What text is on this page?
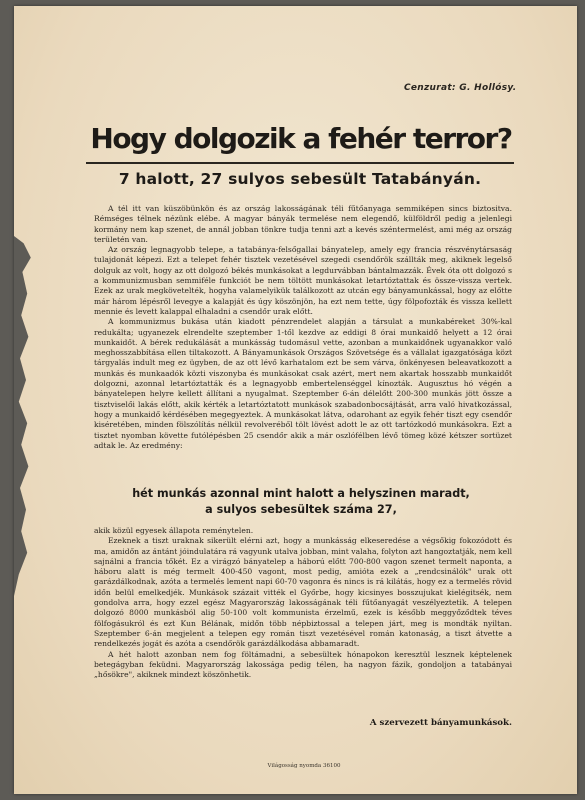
Cenzurat: G. Hollósy.
Hogy dolgozik a fehér terror?
7 halott, 27 sulyos sebesült Tatabányán.

A tél itt van küszöbünkön és az ország lakosságának téli fűtőanyaga semmiképen sincs biztositva. Rémséges télnek nézünk elébe. A magyar bányák termelése nem elegendő, külföldről pedig a jelenlegi kormány nem kap szenet, de annál jobban tönkre tudja tenni azt a kevés széntermelést, ami még az ország területén van.

Az ország legnagyobb telepe, a tatabánya-felsőgallai bányatelep, amely egy francia részvénytársaság tulajdonát képezi. Ezt a telepet fehér tisztek vezetésével szegedi csendőrök szállták meg, akiknek legelső dolguk az volt, hogy az ott dolgozó békés munkásokat a legdurvábban bántalmazzák. Évek óta ott dolgozó s a kommunizmusban semmiféle funkciót be nem töltött munkásokat letartóztattak és össze-vissza vertek. Ezek az urak megkövetelték, hogyha valamelyikük találkozott az utcán egy bányamunkással, hogy az előtte már három lépésről levegye a kalapját és úgy köszönjön, ha ezt nem tette, úgy fölpofozták és vissza kellett mennie és levett kalappal elhaladni a csendőr urak előtt.

A kommunizmus bukása után kiadott pénzrendelet alapján a társulat a munkabéreket 30%-kal redukálta; ugyanezek elrendelte szeptember 1-től kezdve az eddigi 8 órai munkaidő helyett a 12 órai munkaidőt. A bérek redukálását a munkásság tudomásul vette, azonban a munkaidőnek ugyanakkor való meghosszabbítása ellen tiltakozott. A Bányamunkások Országos Szövetsége és a vállalat igazgatósága közt tárgyalás indult meg ez ügyben, de az ott lévő karhatalom ezt be sem várva, önkényesen beleavatkozott a munkás és munkaadók közti viszonyba és munkásokat csak azért, mert nem akartak hosszabb munkaidőt dolgozni, azonnal letartóztatták és a legnagyobb embertelenséggel kínozták. Augusztus hó végén a bányatelepen helyre kellett állítani a nyugalmat. Szeptember 6-án délelőtt 200-300 munkás jött össze a tisztviselői lakás előtt, akik kérték a letartóztatott munkások szabadonbocsájtását, arra való hivatkozással, hogy a munkaidő kérdésében megegyeztek. A munkásokat látva, odarohant az egyik fehér tiszt egy csendőr kiséretében, minden fölszólítás nélkül revolveréből tölt lövést adott le az ott tartózkodó munkásokra. Ezt a tisztet nyomban követte futólépésben 25 csendőr akik a már oszlófélben lévő tömeg közé kétszer sortüzet adtak le. Az eredmény:

hét munkás azonnal mint halott a helyszinen maradt,
a sulyos sebesültek száma 27,

akik közül egyesek állapota reménytelen.

Ezeknek a tiszt uraknak sikerült elérni azt, hogy a munkásság elkeseredése a végsőkig fokozódott és ma, amidőn az ántánt jóindulatára rá vagyunk utalva jobban, mint valaha, folyton azt hangoztatják, nem kell sajnálni a francia tőkét. Ez a virágzó bányatelep a háború előtt 700-800 vagon szenet termelt naponta, a háboru alatt is még termelt 400-450 vagont, most pedig, amióta ezek a „rendcsinálók" urak ott garázdálkodnak, azóta a termelés lement napi 60-70 vagonra és nincs is rá kilátás, hogy ez a termelés rövid időn belül emelkedjék. Munkások százait vitték el Győrbe, hogy kicsinyes bosszujukat kielégitsék, nem gondolva arra, hogy ezzel egész Magyarország lakosságának téli fűtőanyagát veszélyeztetik. A telepen dolgozó 8000 munkásból alig 50-100 volt kommunista érzelmű, ezek is később meggyőződtek téves fölfogásukról és ezt Kun Bélának, midőn több népbiztossal a telepen járt, meg is mondták nyiltan. Szeptember 6-án megjelent a telepen egy román tiszt vezetésével román katonaság, a tiszt átvette a rendelkezés jogát és azóta a csendőrök garázdálkodása abbamaradt.

A hét halott azonban nem fog föltámadni, a sebesültek hónapokon keresztül lesznek képtelenek betegágyban feküdni. Magyarország lakossága pedig télen, ha nagyon fázik, gondoljon a tatabányai „hősökre", akiknek mindezt köszönhetik.

A szervezett bányamunkások.
Világosság nyomda 36100
